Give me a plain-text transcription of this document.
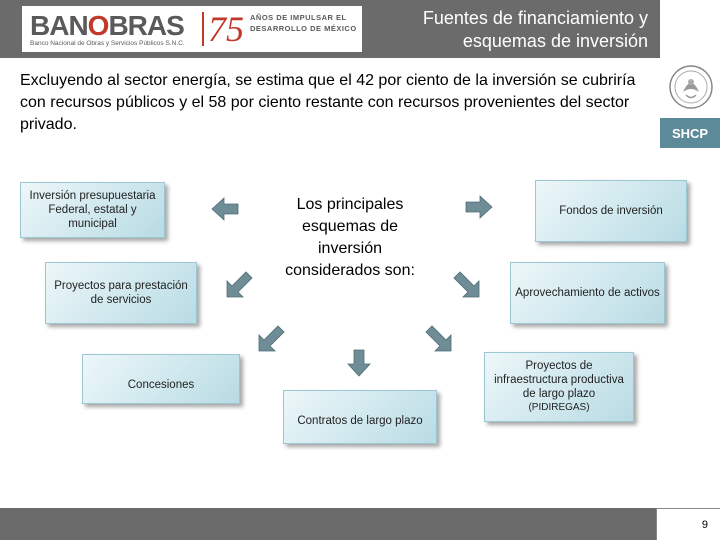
BANOBRAS
Banco Nacional de Obras y Servicios Públicos S.N.C. 75 AÑOS DE IMPULSAR EL DESARROLLO DE MÉXICO
Fuentes de financiamiento y esquemas de inversión
SHCP
Excluyendo al sector energía, se estima que el 42 por ciento de la inversión se cubriría con recursos públicos y el 58 por ciento restante con recursos provenientes del sector privado.
Inversión presupuestaria
Federal, estatal y municipal
Proyectos para prestación de servicios
Concesiones
Contratos de largo plazo
Proyectos de infraestructura productiva de largo plazo
(PIDIREGAS)
Aprovechamiento de activos
Fondos de inversión
Los principales esquemas de inversión considerados son:
9
